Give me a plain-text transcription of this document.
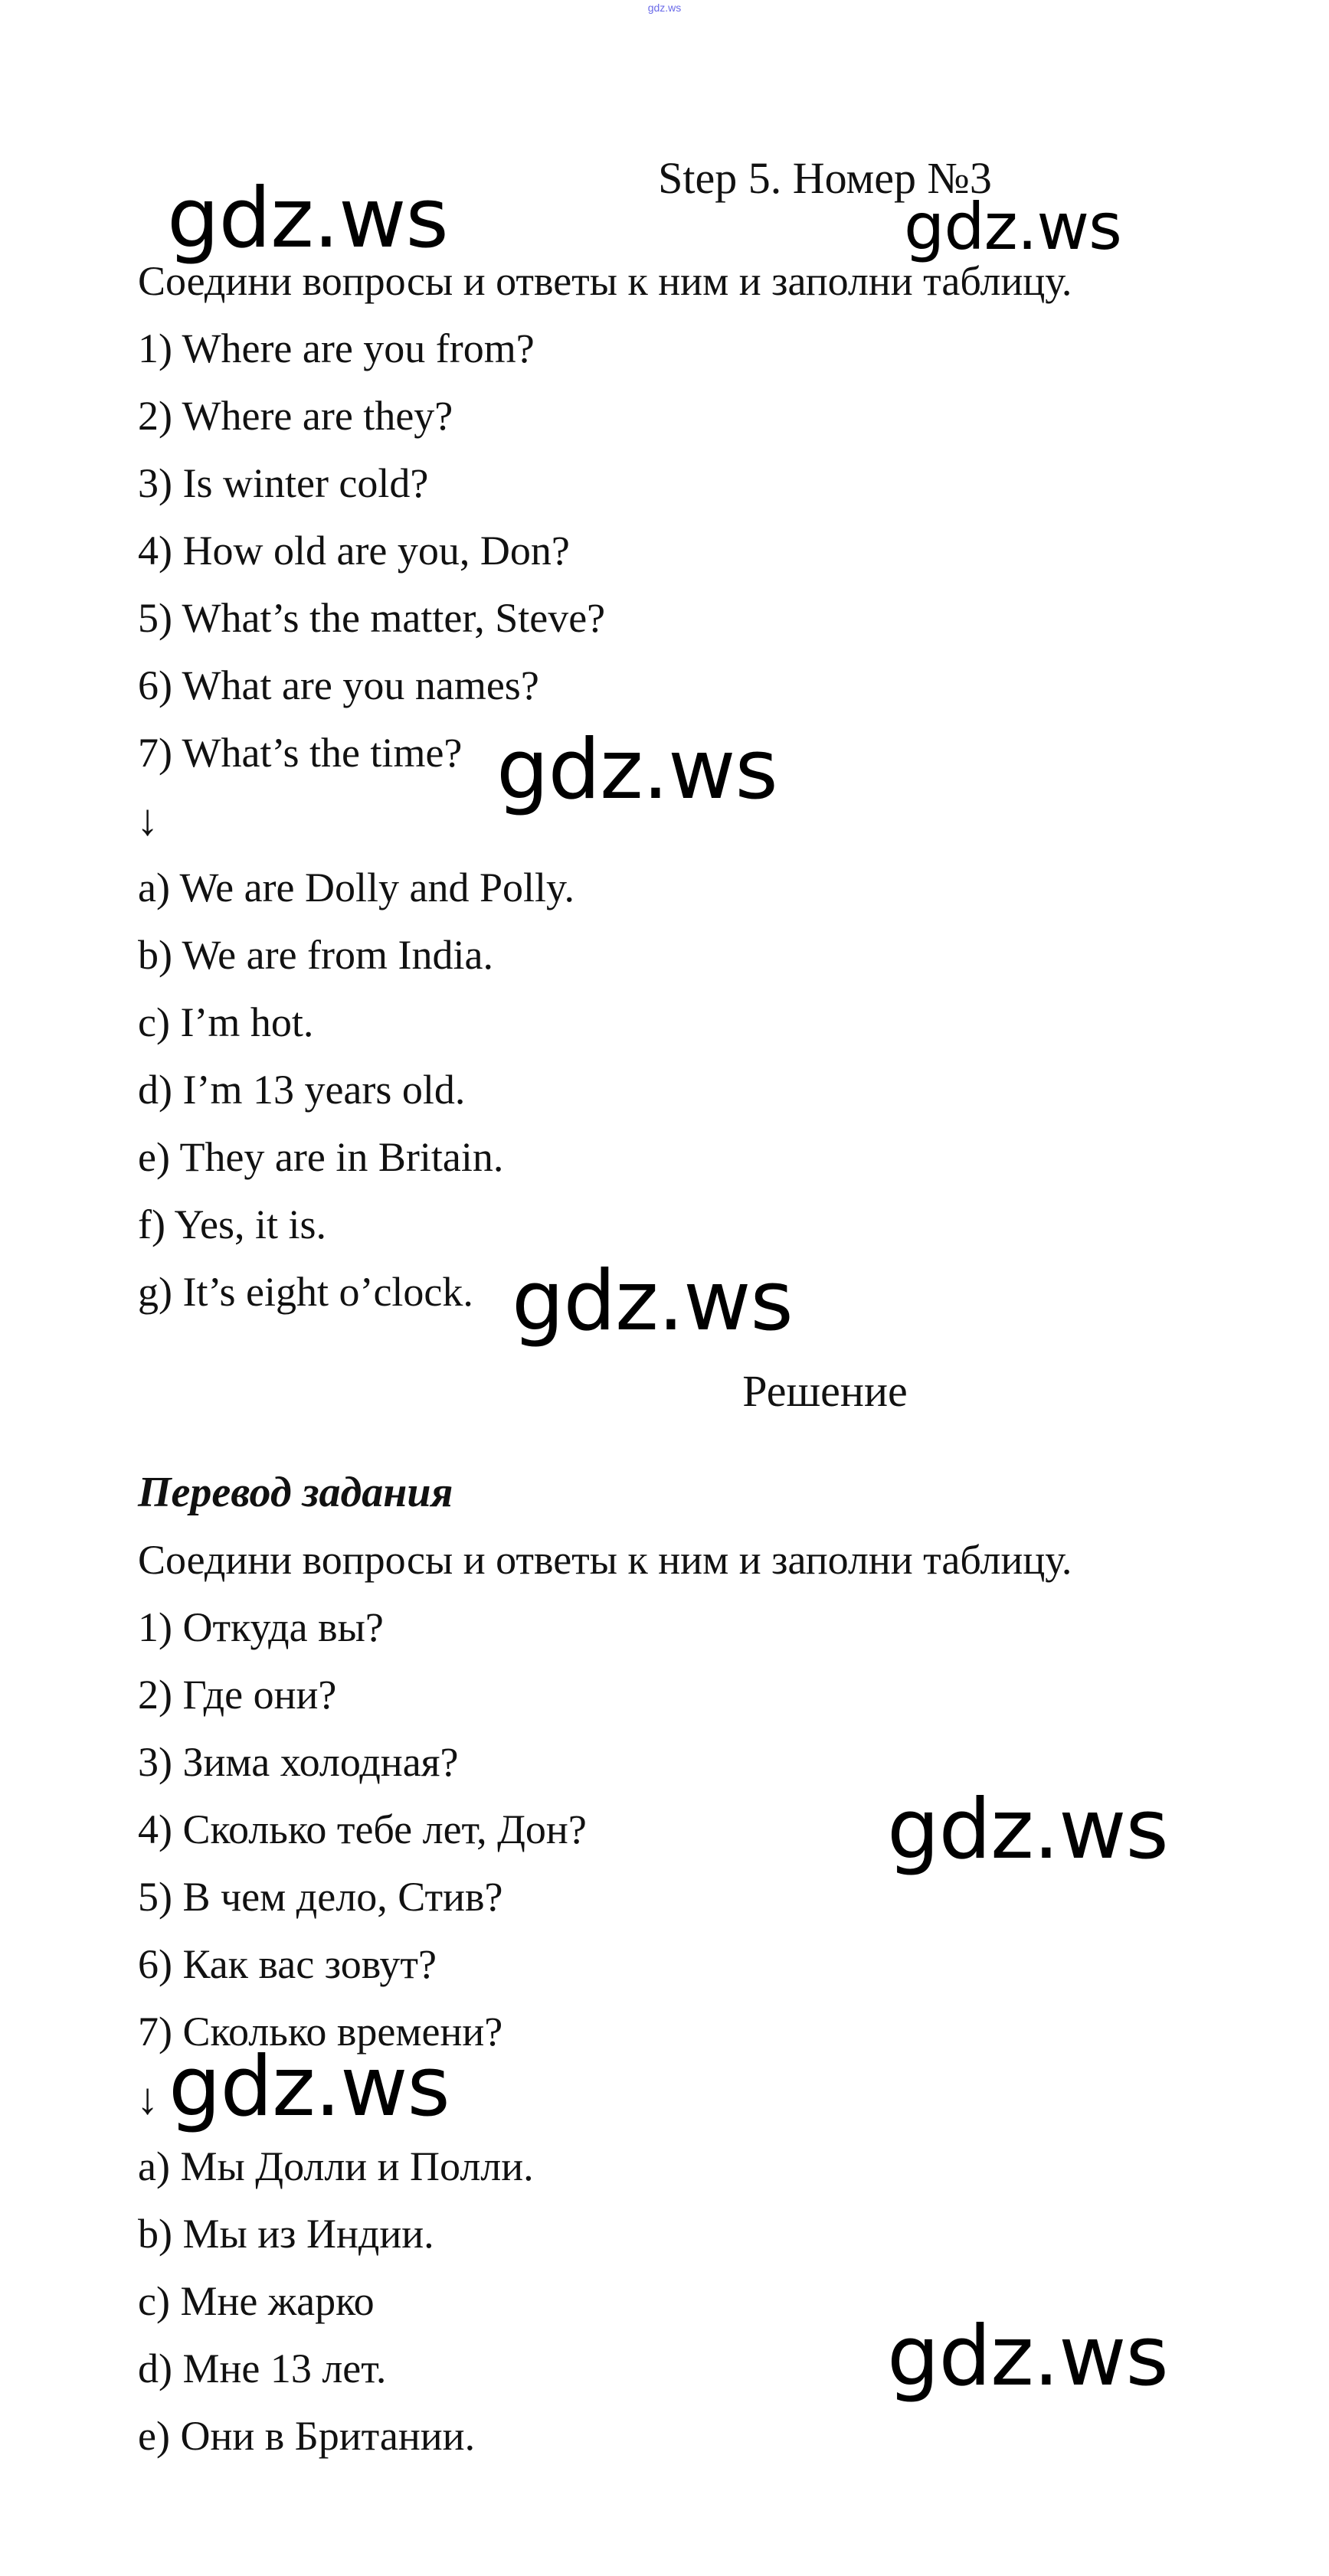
gdz.ws
Step 5. Номер №3
Соедини вопросы и ответы к ним и заполни таблицу.
1) Where are you from?
2) Where are they?
3) Is winter cold?
4) How old are you, Don?
5) What’s the matter, Steve?
6) What are you names?
7) What’s the time?
↓
a) We are Dolly and Polly.
b) We are from India.
c) I’m hot.
d) I’m 13 years old.
e) They are in Britain.
f) Yes, it is.
g) It’s eight o’clock.
Решение
Перевод задания
Соедини вопросы и ответы к ним и заполни таблицу.
1) Откуда вы?
2) Где они?
3) Зима холодная?
4) Сколько тебе лет, Дон?
5) В чем дело, Стив?
6) Как вас зовут?
7) Сколько времени?
↓
a) Мы Долли и Полли.
b) Мы из Индии.
c) Мне жарко
d) Мне 13 лет.
e) Они в Британии.
gdz.ws	gdz.ws
gdz.ws
gdz.ws
gdz.ws
gdz.ws
gdz.ws
